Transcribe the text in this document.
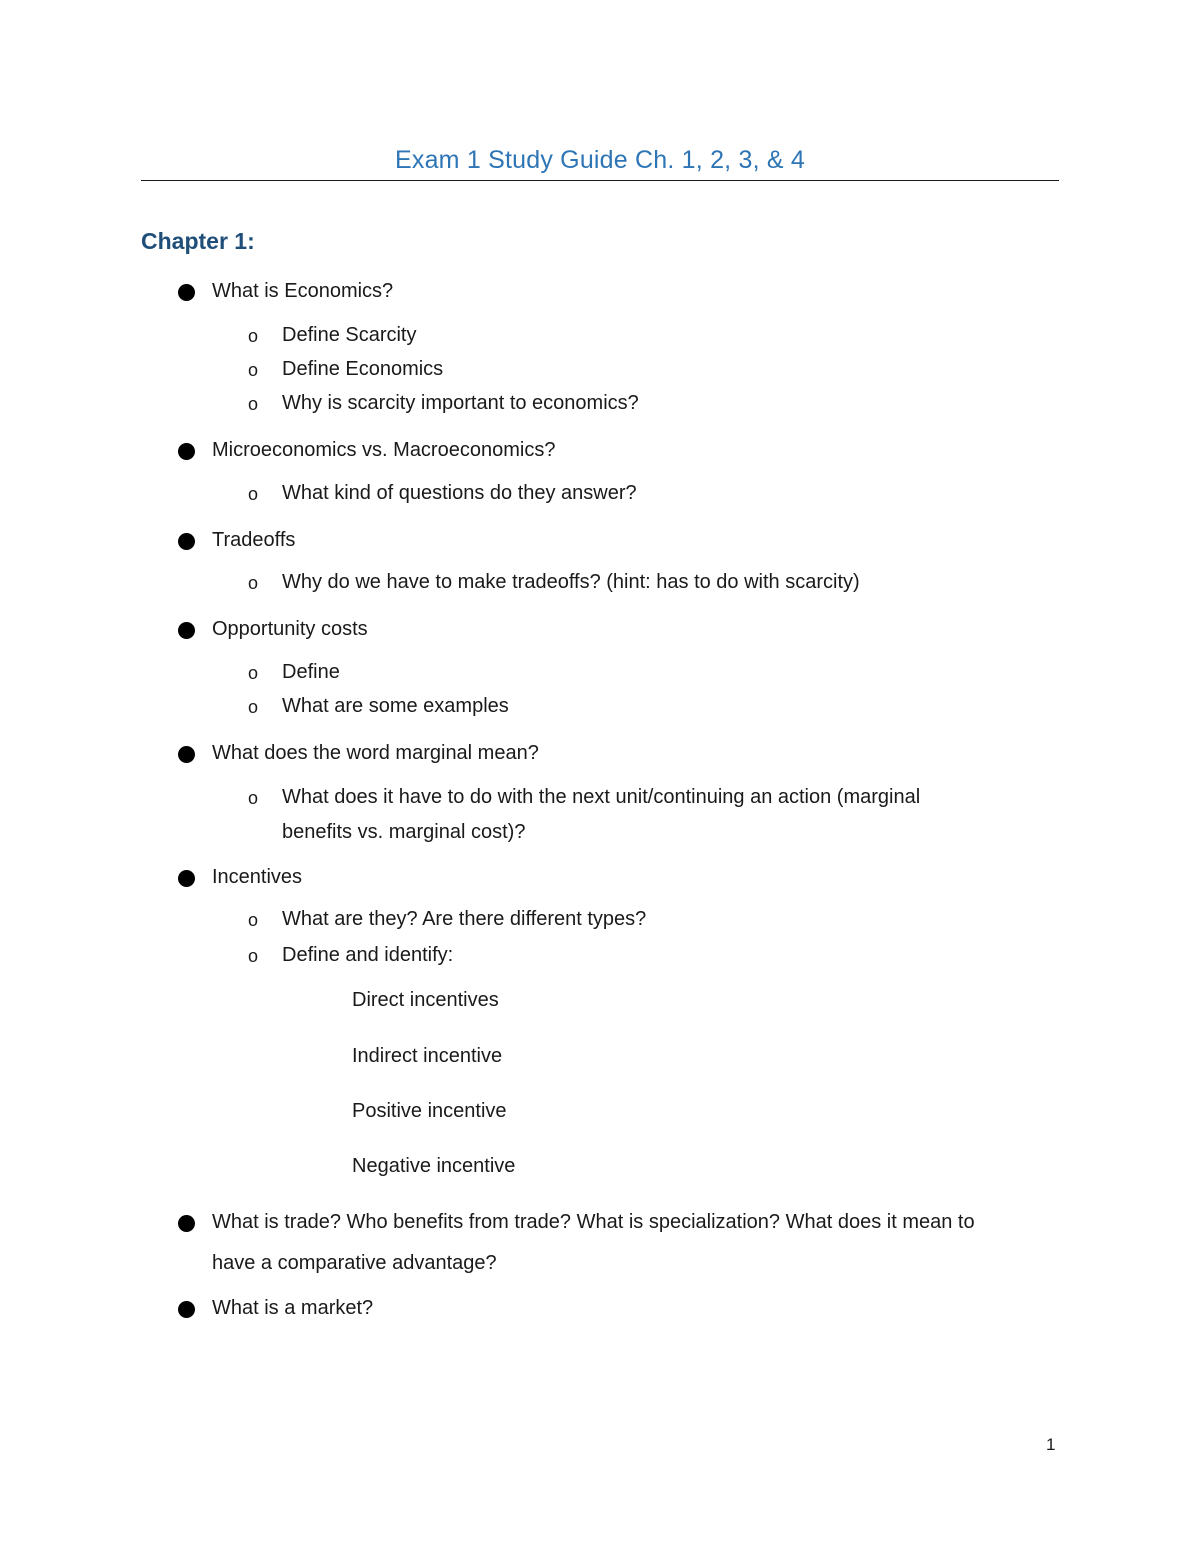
Exam 1 Study Guide Ch. 1, 2, 3, & 4
Chapter 1:
What is Economics?
o Define Scarcity
o Define Economics
o Why is scarcity important to economics?
Microeconomics vs. Macroeconomics?
o What kind of questions do they answer?
Tradeoffs
o Why do we have to make tradeoffs? (hint: has to do with scarcity)
Opportunity costs
o Define
o What are some examples
What does the word marginal mean?
o What does it have to do with the next unit/continuing an action (marginal
benefits vs. marginal cost)?
Incentives
o What are they? Are there different types?
o Define and identify:
Direct incentives
Indirect incentive
Positive incentive
Negative incentive
What is trade? Who benefits from trade? What is specialization? What does it mean to
have a comparative advantage?
What is a market?
1
